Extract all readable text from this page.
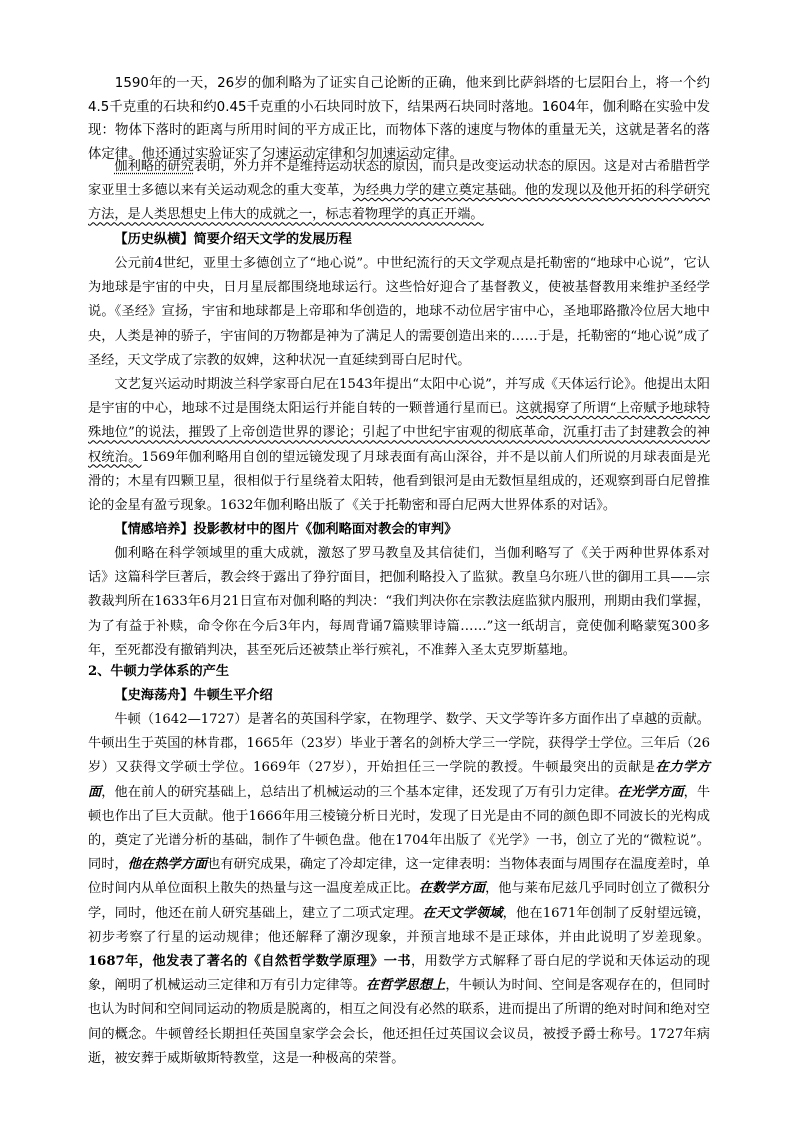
1590年的一天，26岁的伽利略为了证实自己论断的正确，他来到比萨斜塔的七层阳台上，将一个约4.5千克重的石块和约0.45千克重的小石块同时放下，结果两石块同时落地。1604年，伽利略在实验中发现：物体下落时的距离与所用时间的平方成正比，而物体下落的速度与物体的重量无关，这就是著名的落体定律。他还通过实验证实了匀速运动定律和匀加速运动定律。

伽利略的研究表明，外力并不是维持运动状态的原因，而只是改变运动状态的原因。这是对古希腊哲学家亚里士多德以来有关运动观念的重大变革，为经典力学的建立奠定基础。他的发现以及他开拓的科学研究方法，是人类思想史上伟大的成就之一，标志着物理学的真正开端。

【历史纵横】简要介绍天文学的发展历程

公元前4世纪，亚里士多德创立了“地心说”。中世纪流行的天文学观点是托勒密的“地球中心说”，它认为地球是宇宙的中央，日月星辰都围绕地球运行。这些恰好迎合了基督教义，使被基督教用来维护圣经学说。《圣经》宣扬，宇宙和地球都是上帝耶和华创造的，地球不动位居宇宙中心，圣地耶路撒冷位居大地中央，人类是神的骄子，宇宙间的万物都是神为了满足人的需要创造出来的……于是，托勒密的“地心说”成了圣经，天文学成了宗教的奴婢，这种状况一直延续到哥白尼时代。

文艺复兴运动时期波兰科学家哥白尼在1543年提出“太阳中心说”，并写成《天体运行论》。他提出太阳是宇宙的中心，地球不过是围绕太阳运行并能自转的一颗普通行星而已。这就揭穿了所谓“上帝赋予地球特殊地位”的说法，摧毁了上帝创造世界的谬论；引起了中世纪宇宙观的彻底革命，沉重打击了封建教会的神权统治。1569年伽利略用自创的望远镜发现了月球表面有高山深谷，并不是以前人们所说的月球表面是光滑的；木星有四颗卫星，很相似于行星绕着太阳转，他看到银河是由无数恒星组成的，还观察到哥白尼曾推论的金星有盈亏现象。1632年伽利略出版了《关于托勒密和哥白尼两大世界体系的对话》。

【情感培养】投影教材中的图片《伽利略面对教会的审判》

伽利略在科学领域里的重大成就，激怒了罗马教皇及其信徒们，当伽利略写了《关于两种世界体系对话》这篇科学巨著后，教会终于露出了狰狞面目，把伽利略投入了监狱。教皇乌尔班八世的御用工具——宗教裁判所在1633年6月21日宣布对伽利略的判决：“我们判决你在宗教法庭监狱内服刑，刑期由我们掌握，为了有益于补赎，命令你在今后3年内，每周背诵7篇赎罪诗篇……”这一纸胡言，竟使伽利略蒙冤300多年，至死都没有撤销判决，甚至死后还被禁止举行殡礼，不准葬入圣太克罗斯墓地。

2、牛顿力学体系的产生

【史海荡舟】牛顿生平介绍

牛顿（1642—1727）是著名的英国科学家，在物理学、数学、天文学等许多方面作出了卓越的贡献。牛顿出生于英国的林肯郡，1665年（23岁）毕业于著名的剑桥大学三一学院，获得学士学位。三年后（26岁）又获得文学硕士学位。1669年（27岁），开始担任三一学院的教授。牛顿最突出的贡献是在力学方面，他在前人的研究基础上，总结出了机械运动的三个基本定律，还发现了万有引力定律。在光学方面，牛顿也作出了巨大贡献。他于1666年用三棱镜分析日光时，发现了日光是由不同的颜色即不同波长的光构成的，奠定了光谱分析的基础，制作了牛顿色盘。他在1704年出版了《光学》一书，创立了光的“微粒说”。同时，他在热学方面也有研究成果，确定了冷却定律，这一定律表明：当物体表面与周围存在温度差时，单位时间内从单位面积上散失的热量与这一温度差成正比。在数学方面，他与莱布尼兹几乎同时创立了微积分学，同时，他还在前人研究基础上，建立了二项式定理。在天文学领域，他在1671年创制了反射望远镜，初步考察了行星的运动规律；他还解释了潮汐现象，并预言地球不是正球体，并由此说明了岁差现象。1687年，他发表了著名的《自然哲学数学原理》一书，用数学方式解释了哥白尼的学说和天体运动的现象，阐明了机械运动三定律和万有引力定律等。在哲学思想上，牛顿认为时间、空间是客观存在的，但同时也认为时间和空间同运动的物质是脱离的，相互之间没有必然的联系，进而提出了所谓的绝对时间和绝对空间的概念。牛顿曾经长期担任英国皇家学会会长，他还担任过英国议会议员，被授予爵士称号。1727年病逝，被安葬于威斯敏斯特教堂，这是一种极高的荣誉。
